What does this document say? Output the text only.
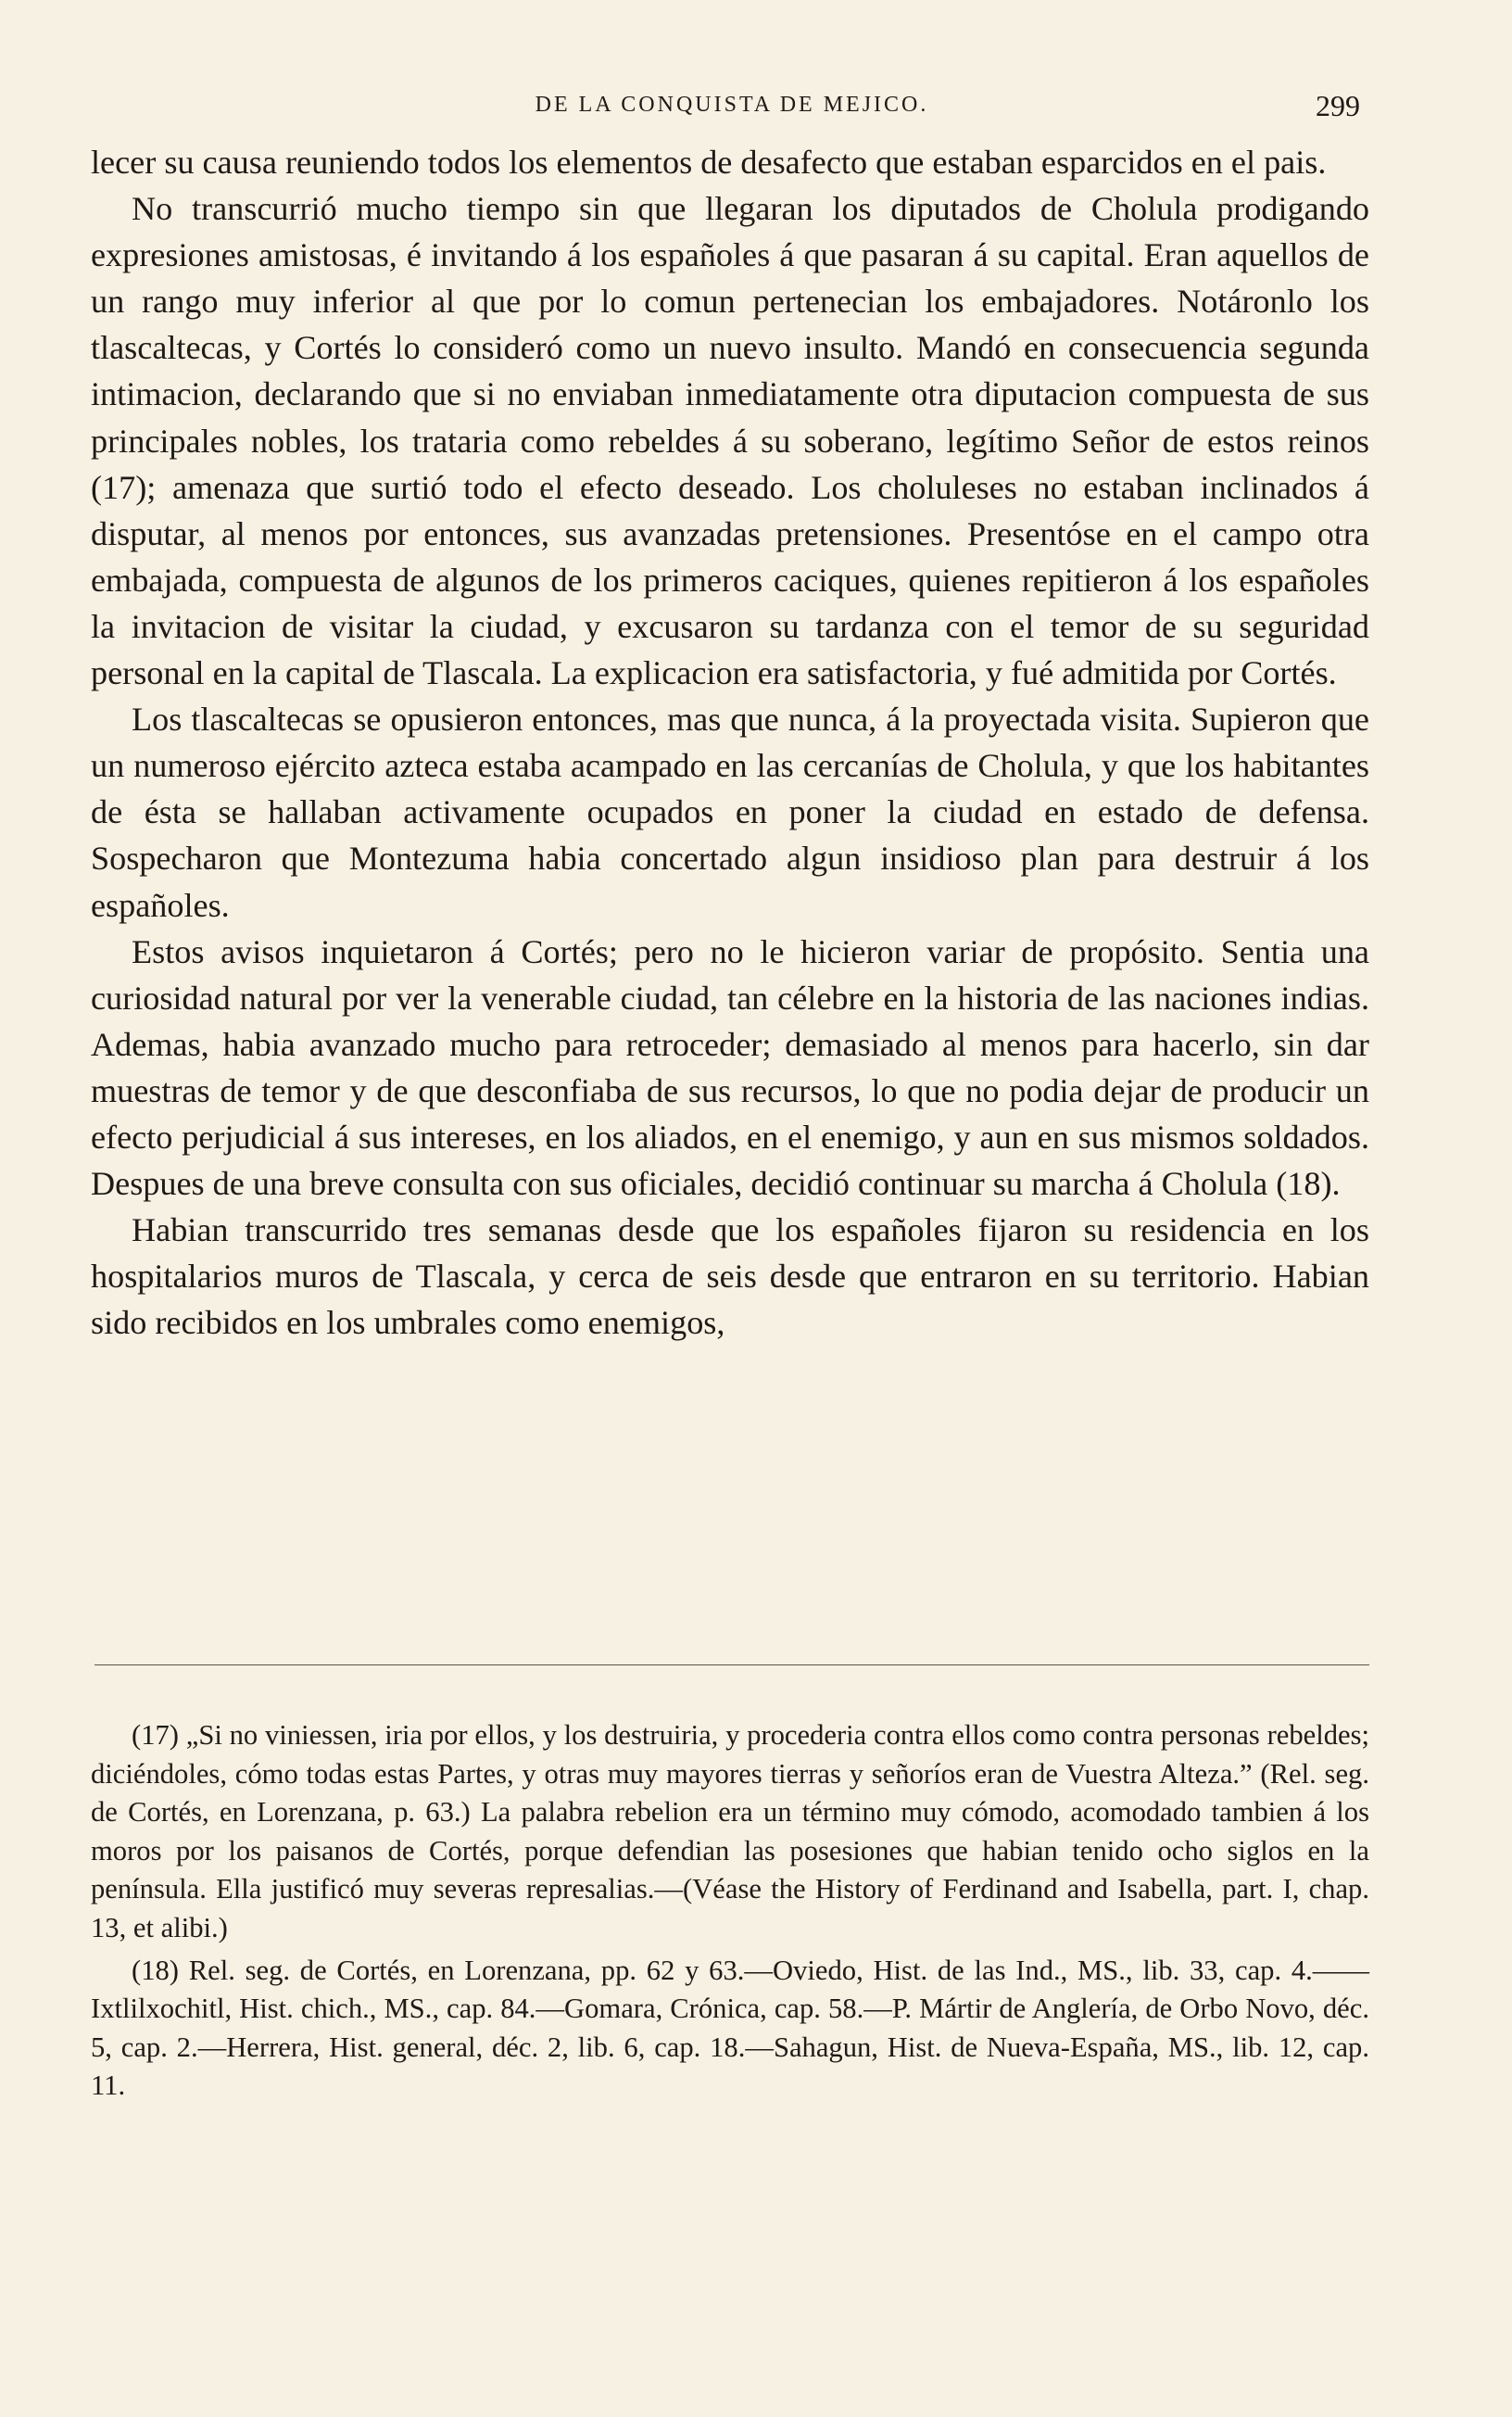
DE LA CONQUISTA DE MEJICO.	299

lecer su causa reuniendo todos los elementos de desafecto que estaban esparcidos en el pais.

No transcurrió mucho tiempo sin que llegaran los diputados de Cholula prodigando expresiones amistosas, é invitando á los españoles á que pasaran á su capital. Eran aquellos de un rango muy inferior al que por lo comun pertenecian los embajadores. Notáronlo los tlascaltecas, y Cortés lo consideró como un nuevo insulto. Mandó en consecuencia segunda intimacion, declarando que si no enviaban inmediatamente otra diputacion compuesta de sus principales nobles, los trataria como rebeldes á su soberano, legítimo Señor de estos reinos (17); amenaza que surtió todo el efecto deseado. Los choluleses no estaban inclinados á disputar, al menos por entonces, sus avanzadas pretensiones. Presentóse en el campo otra embajada, compuesta de algunos de los primeros caciques, quienes repitieron á los españoles la invitacion de visitar la ciudad, y excusaron su tardanza con el temor de su seguridad personal en la capital de Tlascala. La explicacion era satisfactoria, y fué admitida por Cortés.

Los tlascaltecas se opusieron entonces, mas que nunca, á la proyectada visita. Supieron que un numeroso ejército azteca estaba acampado en las cercanías de Cholula, y que los habitantes de ésta se hallaban activamente ocupados en poner la ciudad en estado de defensa. Sospecharon que Montezuma habia concertado algun insidioso plan para destruir á los españoles.

Estos avisos inquietaron á Cortés; pero no le hicieron variar de propósito. Sentia una curiosidad natural por ver la venerable ciudad, tan célebre en la historia de las naciones indias. Ademas, habia avanzado mucho para retroceder; demasiado al menos para hacerlo, sin dar muestras de temor y de que desconfiaba de sus recursos, lo que no podia dejar de producir un efecto perjudicial á sus intereses, en los aliados, en el enemigo, y aun en sus mismos soldados. Despues de una breve consulta con sus oficiales, decidió continuar su marcha á Cholula (18).

Habian transcurrido tres semanas desde que los españoles fijaron su residencia en los hospitalarios muros de Tlascala, y cerca de seis desde que entraron en su territorio. Habian sido recibidos en los umbrales como enemigos,

(17) „Si no viniessen, iria por ellos, y los destruiria, y procederia contra ellos como contra personas rebeldes; diciéndoles, cómo todas estas Partes, y otras muy mayores tierras y señoríos eran de Vuestra Alteza.” (Rel. seg. de Cortés, en Lorenzana, p. 63.) La palabra rebelion era un término muy cómodo, acomodado tambien á los moros por los paisanos de Cortés, porque defendian las posesiones que habian tenido ocho siglos en la península. Ella justificó muy severas represalias.—(Véase the History of Ferdinand and Isabella, part. I, chap. 13, et alibi.)

(18) Rel. seg. de Cortés, en Lorenzana, pp. 62 y 63.—Oviedo, Hist. de las Ind., MS., lib. 33, cap. 4.——Ixtlilxochitl, Hist. chich., MS., cap. 84.—Gomara, Crónica, cap. 58.—P. Mártir de Anglería, de Orbo Novo, déc. 5, cap. 2.—Herrera, Hist. general, déc. 2, lib. 6, cap. 18.—Sahagun, Hist. de Nueva-España, MS., lib. 12, cap. 11.
